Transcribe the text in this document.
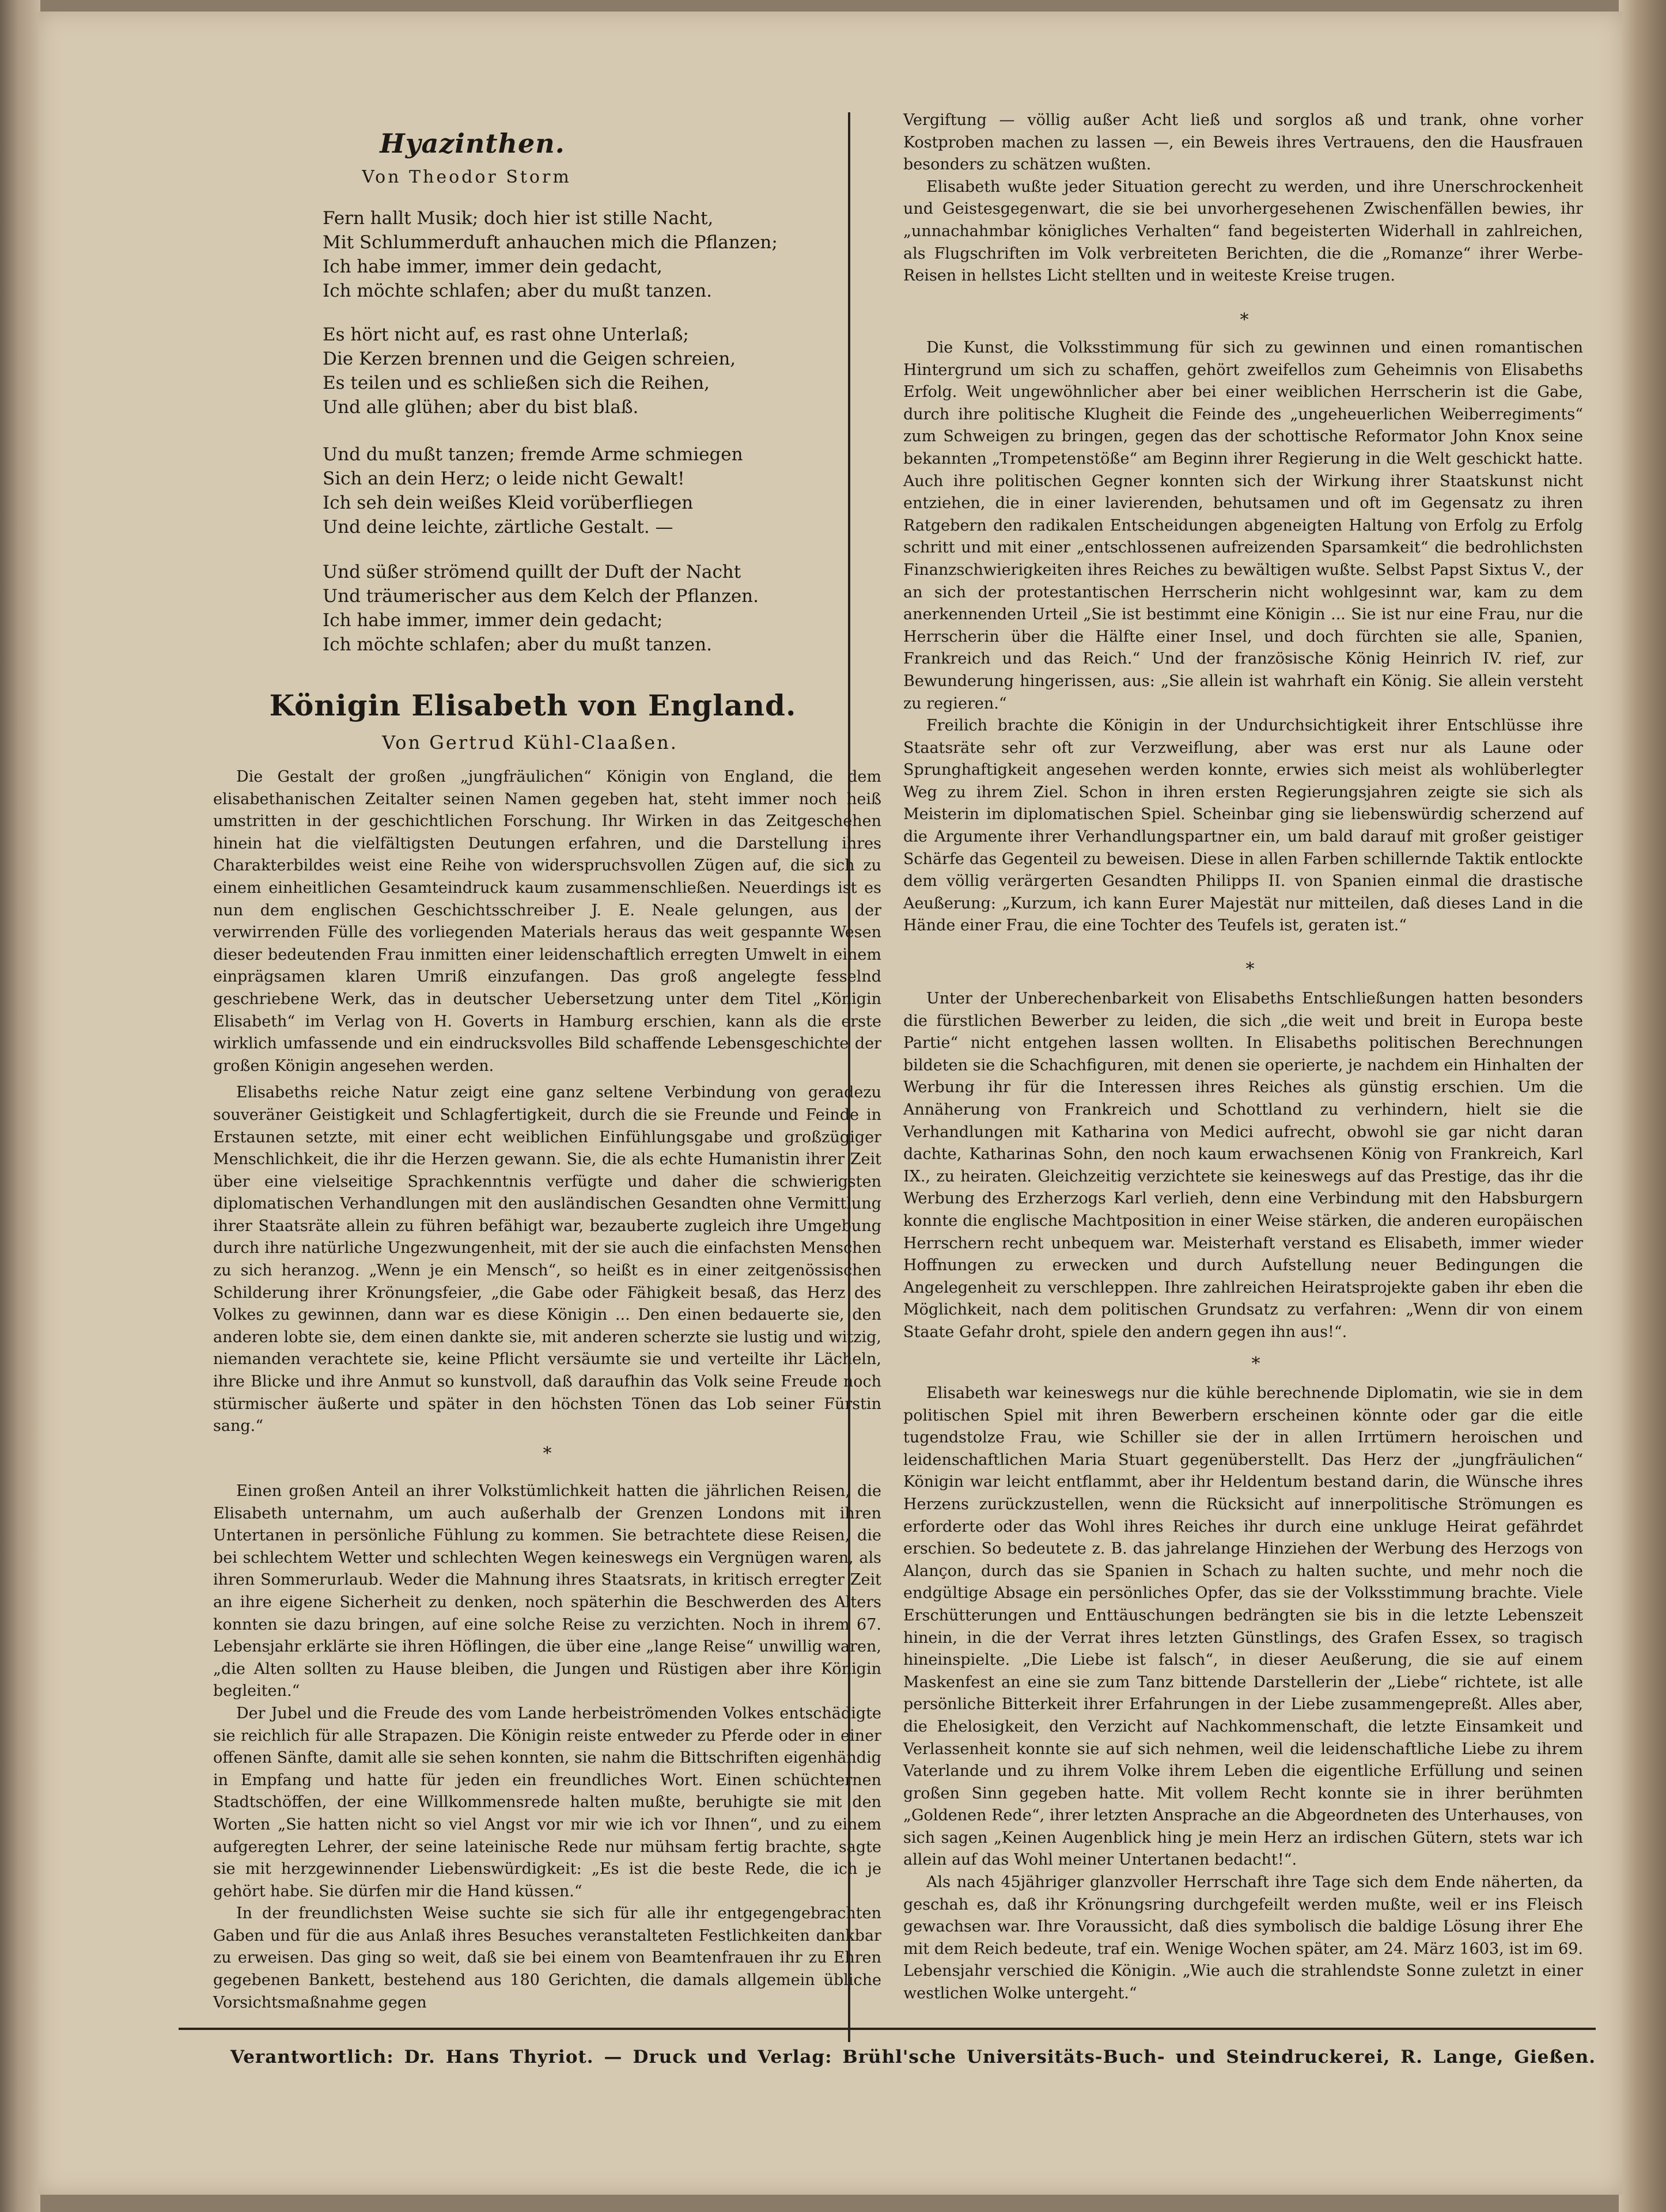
Hyazinthen.
Von Theodor Storm
Fern hallt Musik; doch hier ist stille Nacht,
Mit Schlummerduft anhauchen mich die Pflanzen;
Ich habe immer, immer dein gedacht,
Ich möchte schlafen; aber du mußt tanzen.
Es hört nicht auf, es rast ohne Unterlaß;
Die Kerzen brennen und die Geigen schreien,
Es teilen und es schließen sich die Reihen,
Und alle glühen; aber du bist blaß.
Und du mußt tanzen; fremde Arme schmiegen
Sich an dein Herz; o leide nicht Gewalt!
Ich seh dein weißes Kleid vorüberfliegen
Und deine leichte, zärtliche Gestalt. —
Und süßer strömend quillt der Duft der Nacht
Und träumerischer aus dem Kelch der Pflanzen.
Ich habe immer, immer dein gedacht;
Ich möchte schlafen; aber du mußt tanzen.
Königin Elisabeth von England.
Von Gertrud Kühl-Claaßen.

Die Gestalt der großen „jungfräulichen“ Königin von England, die dem elisabethanischen Zeitalter seinen Namen gegeben hat, steht immer noch heiß umstritten in der geschichtlichen Forschung. Ihr Wirken in das Zeitgeschehen hinein hat die vielfältigsten Deutungen erfahren, und die Darstellung ihres Charakterbildes weist eine Reihe von widerspruchsvollen Zügen auf, die sich zu einem einheitlichen Gesamteindruck kaum zusammenschließen. Neuerdings ist es nun dem englischen Geschichtsschreiber J. E. Neale gelungen, aus der verwirrenden Fülle des vorliegenden Materials heraus das weit gespannte Wesen dieser bedeutenden Frau inmitten einer leidenschaftlich erregten Umwelt in einem einprägsamen klaren Umriß einzufangen. Das groß angelegte fesselnd geschriebene Werk, das in deutscher Uebersetzung unter dem Titel „Königin Elisabeth“ im Verlag von H. Goverts in Hamburg erschien, kann als die erste wirklich umfassende und ein eindrucksvolles Bild schaffende Lebensgeschichte der großen Königin angesehen werden.

Elisabeths reiche Natur zeigt eine ganz seltene Verbindung von geradezu souveräner Geistigkeit und Schlagfertigkeit, durch die sie Freunde und Feinde in Erstaunen setzte, mit einer echt weiblichen Einfühlungsgabe und großzügiger Menschlichkeit, die ihr die Herzen gewann. Sie, die als echte Humanistin ihrer Zeit über eine vielseitige Sprachkenntnis verfügte und daher die schwierigsten diplomatischen Verhandlungen mit den ausländischen Gesandten ohne Vermittlung ihrer Staatsräte allein zu führen befähigt war, bezauberte zugleich ihre Umgebung durch ihre natürliche Ungezwungenheit, mit der sie auch die einfachsten Menschen zu sich heranzog. „Wenn je ein Mensch“, so heißt es in einer zeitgenössischen Schilderung ihrer Krönungsfeier, „die Gabe oder Fähigkeit besaß, das Herz des Volkes zu gewinnen, dann war es diese Königin ... Den einen bedauerte sie, den anderen lobte sie, dem einen dankte sie, mit anderen scherzte sie lustig und witzig, niemanden verachtete sie, keine Pflicht versäumte sie und verteilte ihr Lächeln, ihre Blicke und ihre Anmut so kunstvoll, daß daraufhin das Volk seine Freude noch stürmischer äußerte und später in den höchsten Tönen das Lob seiner Fürstin sang.“

*

Einen großen Anteil an ihrer Volkstümlichkeit hatten die jährlichen Reisen, die Elisabeth unternahm, um auch außerhalb der Grenzen Londons mit ihren Untertanen in persönliche Fühlung zu kommen. Sie betrachtete diese Reisen, die bei schlechtem Wetter und schlechten Wegen keineswegs ein Vergnügen waren, als ihren Sommerurlaub. Weder die Mahnung ihres Staatsrats, in kritisch erregter Zeit an ihre eigene Sicherheit zu denken, noch späterhin die Beschwerden des Alters konnten sie dazu bringen, auf eine solche Reise zu verzichten. Noch in ihrem 67. Lebensjahr erklärte sie ihren Höflingen, die über eine „lange Reise“ unwillig waren, „die Alten sollten zu Hause bleiben, die Jungen und Rüstigen aber ihre Königin begleiten.“

Der Jubel und die Freude des vom Lande herbeiströmenden Volkes entschädigte sie reichlich für alle Strapazen. Die Königin reiste entweder zu Pferde oder in einer offenen Sänfte, damit alle sie sehen konnten, sie nahm die Bittschriften eigenhändig in Empfang und hatte für jeden ein freundliches Wort. Einen schüchternen Stadtschöffen, der eine Willkommensrede halten mußte, beruhigte sie mit den Worten „Sie hatten nicht so viel Angst vor mir wie ich vor Ihnen“, und zu einem aufgeregten Lehrer, der seine lateinische Rede nur mühsam fertig brachte, sagte sie mit herzgewinnender Liebenswürdigkeit: „Es ist die beste Rede, die ich je gehört habe. Sie dürfen mir die Hand küssen.“

In der freundlichsten Weise suchte sie sich für alle ihr entgegengebrachten Gaben und für die aus Anlaß ihres Besuches veranstalteten Festlichkeiten dankbar zu erweisen. Das ging so weit, daß sie bei einem von Beamtenfrauen ihr zu Ehren gegebenen Bankett, bestehend aus 180 Gerichten, die damals allgemein übliche Vorsichtsmaßnahme gegen

Vergiftung — völlig außer Acht ließ und sorglos aß und trank, ohne vorher Kostproben machen zu lassen —, ein Beweis ihres Vertrauens, den die Hausfrauen besonders zu schätzen wußten.

Elisabeth wußte jeder Situation gerecht zu werden, und ihre Unerschrockenheit und Geistesgegenwart, die sie bei unvorhergesehenen Zwischenfällen bewies, ihr „unnachahmbar königliches Verhalten“ fand begeisterten Widerhall in zahlreichen, als Flugschriften im Volk verbreiteten Berichten, die die „Romanze“ ihrer Werbe-Reisen in hellstes Licht stellten und in weiteste Kreise trugen.

*

Die Kunst, die Volksstimmung für sich zu gewinnen und einen romantischen Hintergrund um sich zu schaffen, gehört zweifellos zum Geheimnis von Elisabeths Erfolg. Weit ungewöhnlicher aber bei einer weiblichen Herrscherin ist die Gabe, durch ihre politische Klugheit die Feinde des „ungeheuerlichen Weiberregiments“ zum Schweigen zu bringen, gegen das der schottische Reformator John Knox seine bekannten „Trompetenstöße“ am Beginn ihrer Regierung in die Welt geschickt hatte. Auch ihre politischen Gegner konnten sich der Wirkung ihrer Staatskunst nicht entziehen, die in einer lavierenden, behutsamen und oft im Gegensatz zu ihren Ratgebern den radikalen Entscheidungen abgeneigten Haltung von Erfolg zu Erfolg schritt und mit einer „entschlossenen aufreizenden Sparsamkeit“ die bedrohlichsten Finanzschwierigkeiten ihres Reiches zu bewältigen wußte. Selbst Papst Sixtus V., der an sich der protestantischen Herrscherin nicht wohlgesinnt war, kam zu dem anerkennenden Urteil „Sie ist bestimmt eine Königin ... Sie ist nur eine Frau, nur die Herrscherin über die Hälfte einer Insel, und doch fürchten sie alle, Spanien, Frankreich und das Reich.“ Und der französische König Heinrich IV. rief, zur Bewunderung hingerissen, aus: „Sie allein ist wahrhaft ein König. Sie allein versteht zu regieren.“

Freilich brachte die Königin in der Undurchsichtigkeit ihrer Entschlüsse ihre Staatsräte sehr oft zur Verzweiflung, aber was erst nur als Laune oder Sprunghaftigkeit angesehen werden konnte, erwies sich meist als wohlüberlegter Weg zu ihrem Ziel. Schon in ihren ersten Regierungsjahren zeigte sie sich als Meisterin im diplomatischen Spiel. Scheinbar ging sie liebenswürdig scherzend auf die Argumente ihrer Verhandlungspartner ein, um bald darauf mit großer geistiger Schärfe das Gegenteil zu beweisen. Diese in allen Farben schillernde Taktik entlockte dem völlig verärgerten Gesandten Philipps II. von Spanien einmal die drastische Aeußerung: „Kurzum, ich kann Eurer Majestät nur mitteilen, daß dieses Land in die Hände einer Frau, die eine Tochter des Teufels ist, geraten ist.“

*

Unter der Unberechenbarkeit von Elisabeths Entschließungen hatten besonders die fürstlichen Bewerber zu leiden, die sich „die weit und breit in Europa beste Partie“ nicht entgehen lassen wollten. In Elisabeths politischen Berechnungen bildeten sie die Schachfiguren, mit denen sie operierte, je nachdem ein Hinhalten der Werbung ihr für die Interessen ihres Reiches als günstig erschien. Um die Annäherung von Frankreich und Schottland zu verhindern, hielt sie die Verhandlungen mit Katharina von Medici aufrecht, obwohl sie gar nicht daran dachte, Katharinas Sohn, den noch kaum erwachsenen König von Frankreich, Karl IX., zu heiraten. Gleichzeitig verzichtete sie keineswegs auf das Prestige, das ihr die Werbung des Erzherzogs Karl verlieh, denn eine Verbindung mit den Habsburgern konnte die englische Machtposition in einer Weise stärken, die anderen europäischen Herrschern recht unbequem war. Meisterhaft verstand es Elisabeth, immer wieder Hoffnungen zu erwecken und durch Aufstellung neuer Bedingungen die Angelegenheit zu verschleppen. Ihre zahlreichen Heiratsprojekte gaben ihr eben die Möglichkeit, nach dem politischen Grundsatz zu verfahren: „Wenn dir von einem Staate Gefahr droht, spiele den andern gegen ihn aus!“.

*

Elisabeth war keineswegs nur die kühle berechnende Diplomatin, wie sie in dem politischen Spiel mit ihren Bewerbern erscheinen könnte oder gar die eitle tugendstolze Frau, wie Schiller sie der in allen Irrtümern heroischen und leidenschaftlichen Maria Stuart gegenüberstellt. Das Herz der „jungfräulichen“ Königin war leicht entflammt, aber ihr Heldentum bestand darin, die Wünsche ihres Herzens zurückzustellen, wenn die Rücksicht auf innerpolitische Strömungen es erforderte oder das Wohl ihres Reiches ihr durch eine unkluge Heirat gefährdet erschien. So bedeutete z. B. das jahrelange Hinziehen der Werbung des Herzogs von Alançon, durch das sie Spanien in Schach zu halten suchte, und mehr noch die endgültige Absage ein persönliches Opfer, das sie der Volksstimmung brachte. Viele Erschütterungen und Enttäuschungen bedrängten sie bis in die letzte Lebenszeit hinein, in die der Verrat ihres letzten Günstlings, des Grafen Essex, so tragisch hineinspielte. „Die Liebe ist falsch“, in dieser Aeußerung, die sie auf einem Maskenfest an eine sie zum Tanz bittende Darstellerin der „Liebe“ richtete, ist alle persönliche Bitterkeit ihrer Erfahrungen in der Liebe zusammengepreßt. Alles aber, die Ehelosigkeit, den Verzicht auf Nachkommenschaft, die letzte Einsamkeit und Verlassenheit konnte sie auf sich nehmen, weil die leidenschaftliche Liebe zu ihrem Vaterlande und zu ihrem Volke ihrem Leben die eigentliche Erfüllung und seinen großen Sinn gegeben hatte. Mit vollem Recht konnte sie in ihrer berühmten „Goldenen Rede“, ihrer letzten Ansprache an die Abgeordneten des Unterhauses, von sich sagen „Keinen Augenblick hing je mein Herz an irdischen Gütern, stets war ich allein auf das Wohl meiner Untertanen bedacht!“.

Als nach 45jähriger glanzvoller Herrschaft ihre Tage sich dem Ende näherten, da geschah es, daß ihr Krönungsring durchgefeilt werden mußte, weil er ins Fleisch gewachsen war. Ihre Voraussicht, daß dies symbolisch die baldige Lösung ihrer Ehe mit dem Reich bedeute, traf ein. Wenige Wochen später, am 24. März 1603, ist im 69. Lebensjahr verschied die Königin. „Wie auch die strahlendste Sonne zuletzt in einer westlichen Wolke untergeht.“

Verantwortlich: Dr. Hans Thyriot. — Druck und Verlag: Brühl'sche Universitäts-Buch- und Steindruckerei, R. Lange, Gießen.
